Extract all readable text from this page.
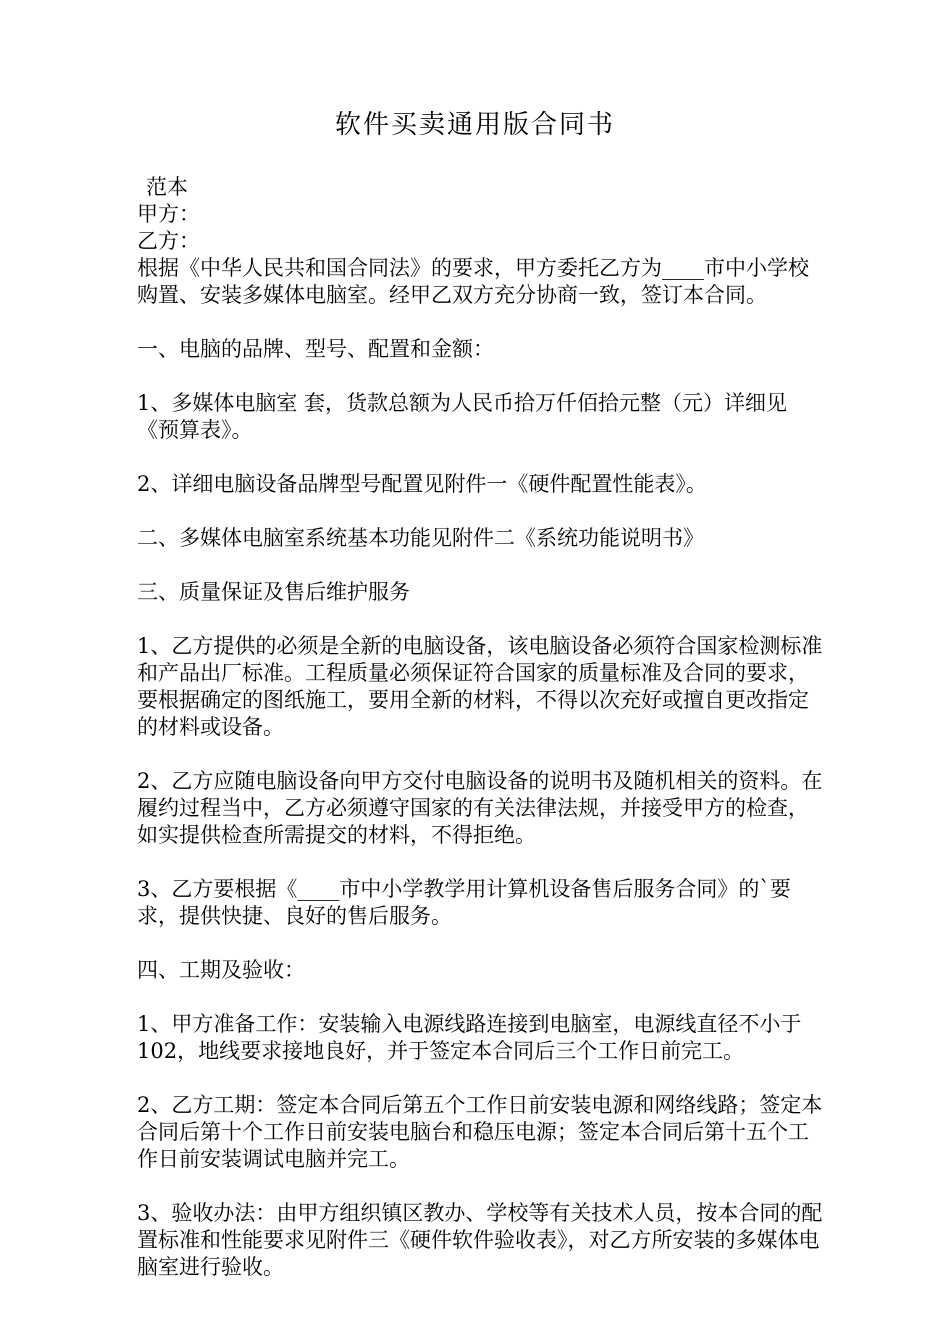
软件买卖通用版合同书

范本

甲方：

乙方：

根据《中华人民共和国合同法》的要求，甲方委托乙方为____市中小学校购置、安装多媒体电脑室。经甲乙双方充分协商一致，签订本合同。

一、电脑的品牌、型号、配置和金额：

1、多媒体电脑室 套，货款总额为人民币拾万仟佰拾元整（元）详细见《预算表》。

2、详细电脑设备品牌型号配置见附件一《硬件配置性能表》。

二、多媒体电脑室系统基本功能见附件二《系统功能说明书》

三、质量保证及售后维护服务

1、乙方提供的必须是全新的电脑设备，该电脑设备必须符合国家检测标准和产品出厂标准。工程质量必须保证符合国家的质量标准及合同的要求，要根据确定的图纸施工，要用全新的材料，不得以次充好或擅自更改指定的材料或设备。

2、乙方应随电脑设备向甲方交付电脑设备的说明书及随机相关的资料。在履约过程当中，乙方必须遵守国家的有关法律法规，并接受甲方的检查，如实提供检查所需提交的材料，不得拒绝。

3、乙方要根据《____市中小学教学用计算机设备售后服务合同》的`要求，提供快捷、良好的售后服务。

四、工期及验收：

1、甲方准备工作：安装输入电源线路连接到电脑室，电源线直径不小于102，地线要求接地良好，并于签定本合同后三个工作日前完工。

2、乙方工期：签定本合同后第五个工作日前安装电源和网络线路；签定本合同后第十个工作日前安装电脑台和稳压电源；签定本合同后第十五个工作日前安装调试电脑并完工。

3、验收办法：由甲方组织镇区教办、学校等有关技术人员，按本合同的配置标准和性能要求见附件三《硬件软件验收表》，对乙方所安装的多媒体电脑室进行验收。
